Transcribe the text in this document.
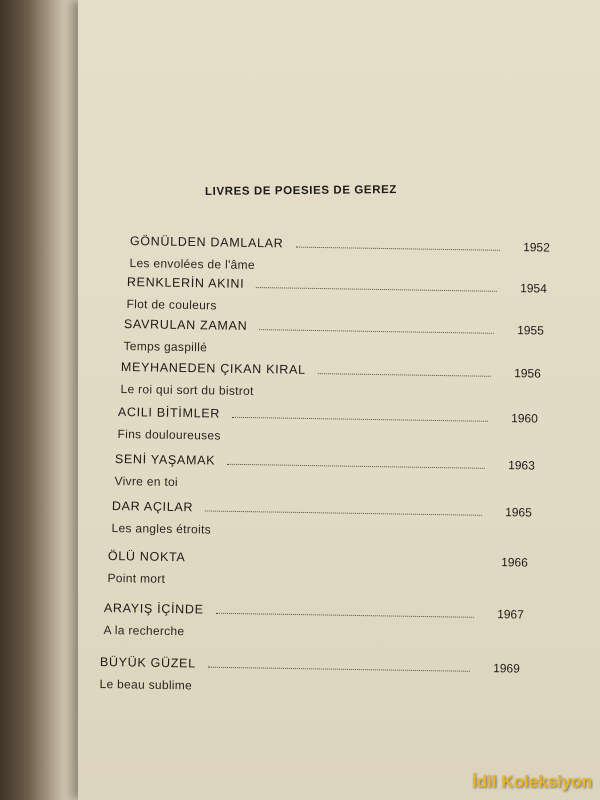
LIVRES DE POESIES DE GEREZ
GÖNÜLDEN DAMLALAR	1952
Les envolées de l'âme
RENKLERİN AKINI	1954
Flot de couleurs
SAVRULAN ZAMAN	1955
Temps gaspillé
MEYHANEDEN ÇIKAN KIRAL	1956
Le roi qui sort du bistrot
ACILI BİTİMLER	1960
Fins douloureuses
SENİ YAŞAMAK	1963
Vivre en toi
DAR AÇILAR	1965
Les angles étroits
ÖLÜ NOKTA	1966
Point mort
ARAYIŞ İÇİNDE	1967
A la recherche
BÜYÜK GÜZEL	1969
Le beau sublime
İdil Koleksiyon
